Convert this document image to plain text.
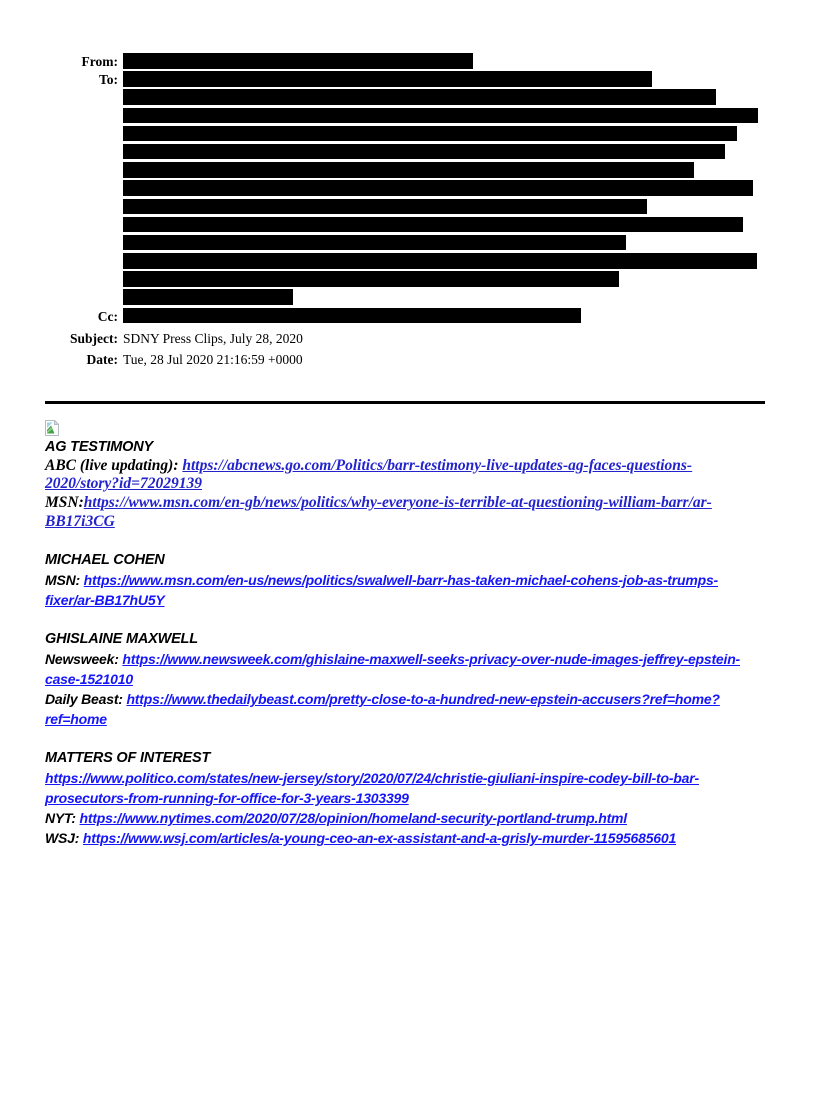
From:
To:
Cc:
Subject: SDNY Press Clips, July 28, 2020
Date: Tue, 28 Jul 2020 21:16:59 +0000
AG TESTIMONY
ABC (live updating): https://abcnews.go.com/Politics/barr-testimony-live-updates-ag-faces-questions-
2020/story?id=72029139
MSN:https://www.msn.com/en-gb/news/politics/why-everyone-is-terrible-at-questioning-william-barr/ar-
BB17i3CG
MICHAEL COHEN
MSN: https://www.msn.com/en-us/news/politics/swalwell-barr-has-taken-michael-cohens-job-as-trumps-
fixer/ar-BB17hU5Y
GHISLAINE MAXWELL
Newsweek: https://www.newsweek.com/ghislaine-maxwell-seeks-privacy-over-nude-images-jeffrey-epstein-
case-1521010
Daily Beast: https://www.thedailybeast.com/pretty-close-to-a-hundred-new-epstein-accusers?ref=home?
ref=home
MATTERS OF INTEREST
https://www.politico.com/states/new-jersey/story/2020/07/24/christie-giuliani-inspire-codey-bill-to-bar-
prosecutors-from-running-for-office-for-3-years-1303399
NYT: https://www.nytimes.com/2020/07/28/opinion/homeland-security-portland-trump.html
WSJ: https://www.wsj.com/articles/a-young-ceo-an-ex-assistant-and-a-grisly-murder-11595685601
